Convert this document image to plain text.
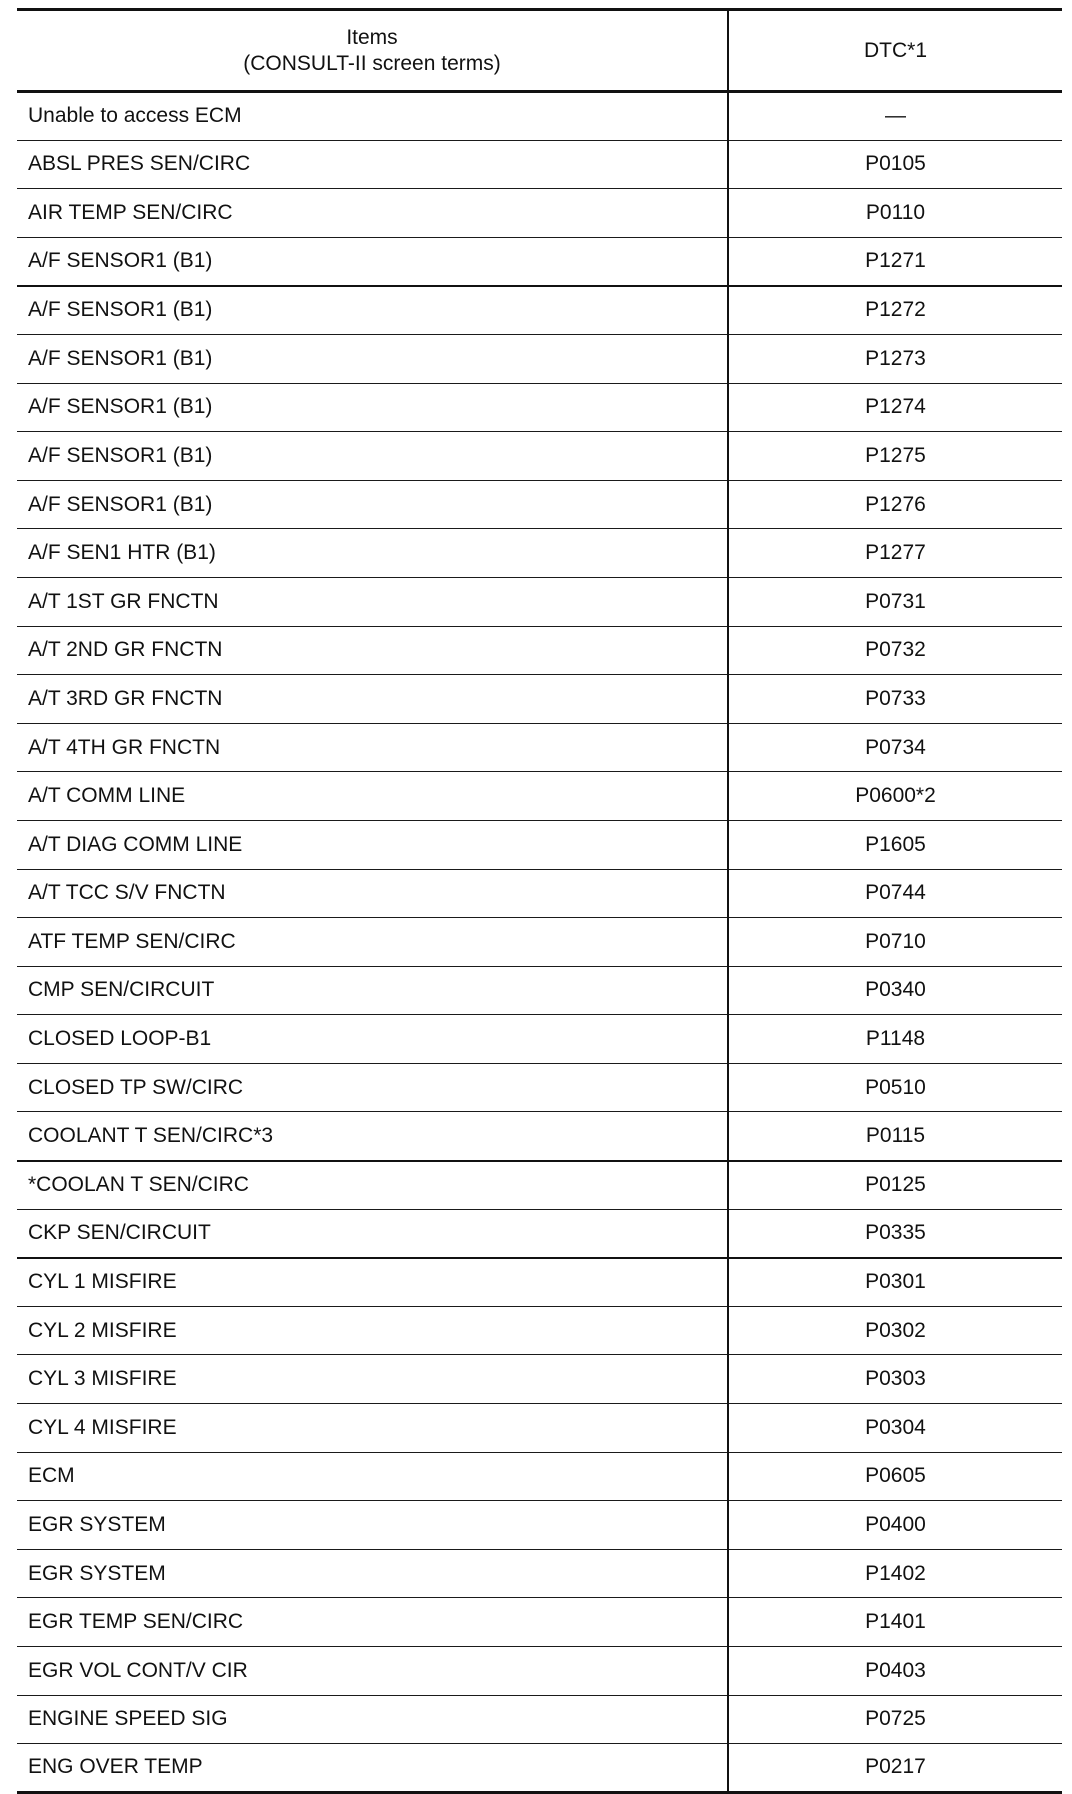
Items
(CONSULT-II screen terms)	DTC*1
Unable to access ECM	—
ABSL PRES SEN/CIRC	P0105
AIR TEMP SEN/CIRC	P0110
A/F SENSOR1 (B1)	P1271
A/F SENSOR1 (B1)	P1272
A/F SENSOR1 (B1)	P1273
A/F SENSOR1 (B1)	P1274
A/F SENSOR1 (B1)	P1275
A/F SENSOR1 (B1)	P1276
A/F SEN1 HTR (B1)	P1277
A/T 1ST GR FNCTN	P0731
A/T 2ND GR FNCTN	P0732
A/T 3RD GR FNCTN	P0733
A/T 4TH GR FNCTN	P0734
A/T COMM LINE	P0600*2
A/T DIAG COMM LINE	P1605
A/T TCC S/V FNCTN	P0744
ATF TEMP SEN/CIRC	P0710
CMP SEN/CIRCUIT	P0340
CLOSED LOOP-B1	P1148
CLOSED TP SW/CIRC	P0510
COOLANT T SEN/CIRC*3	P0115
*COOLAN T SEN/CIRC	P0125
CKP SEN/CIRCUIT	P0335
CYL 1 MISFIRE	P0301
CYL 2 MISFIRE	P0302
CYL 3 MISFIRE	P0303
CYL 4 MISFIRE	P0304
ECM	P0605
EGR SYSTEM	P0400
EGR SYSTEM	P1402
EGR TEMP SEN/CIRC	P1401
EGR VOL CONT/V CIR	P0403
ENGINE SPEED SIG	P0725
ENG OVER TEMP	P0217
